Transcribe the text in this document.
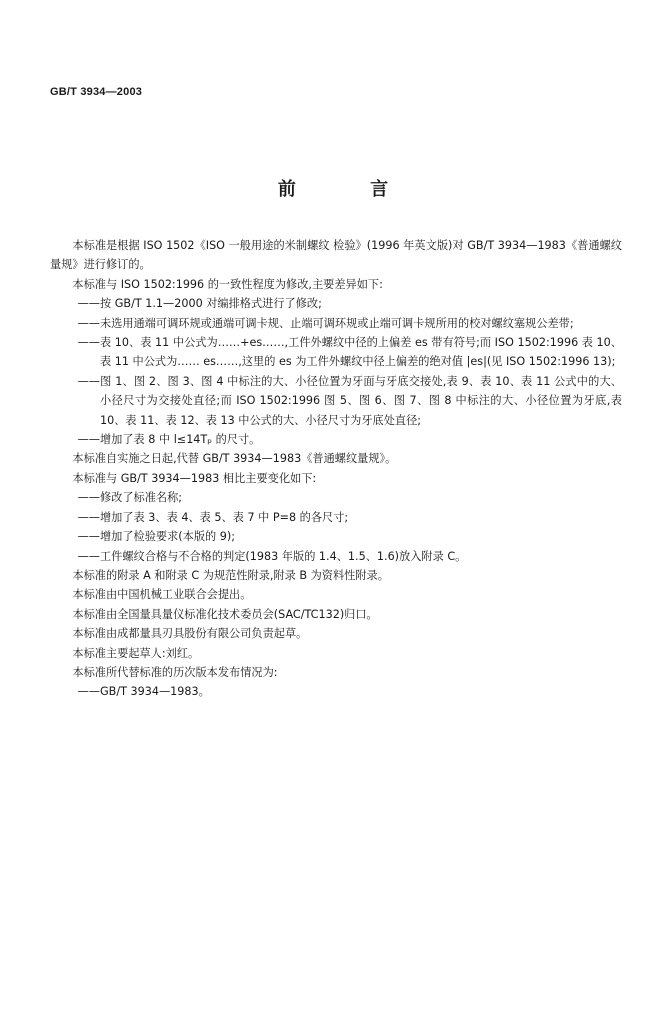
GB/T 3934—2003
前 言

本标准是根据 ISO 1502《ISO 一般用途的米制螺纹 检验》(1996 年英文版)对 GB/T 3934—1983《普通螺纹量规》进行修订的。

本标准与 ISO 1502:1996 的一致性程度为修改,主要差异如下:

——按 GB/T 1.1—2000 对编排格式进行了修改;

——未选用通端可调环规或通端可调卡规、止端可调环规或止端可调卡规所用的校对螺纹塞规公差带;

——表 10、表 11 中公式为……+es……,工件外螺纹中径的上偏差 es 带有符号;而 ISO 1502:1996 表 10、表 11 中公式为…… es……,这里的 es 为工件外螺纹中径上偏差的绝对值 |es|(见 ISO 1502:1996 13);

——图 1、图 2、图 3、图 4 中标注的大、小径位置为牙面与牙底交接处,表 9、表 10、表 11 公式中的大、小径尺寸为交接处直径;而 ISO 1502:1996 图 5、图 6、图 7、图 8 中标注的大、小径位置为牙底,表 10、表 11、表 12、表 13 中公式的大、小径尺寸为牙底处直径;

——增加了表 8 中 l≤14Tₚ 的尺寸。

本标准自实施之日起,代替 GB/T 3934—1983《普通螺纹量规》。

本标准与 GB/T 3934—1983 相比主要变化如下:

——修改了标准名称;

——增加了表 3、表 4、表 5、表 7 中 P=8 的各尺寸;

——增加了检验要求(本版的 9);

——工件螺纹合格与不合格的判定(1983 年版的 1.4、1.5、1.6)放入附录 C。

本标准的附录 A 和附录 C 为规范性附录,附录 B 为资料性附录。

本标准由中国机械工业联合会提出。

本标准由全国量具量仪标准化技术委员会(SAC/TC132)归口。

本标准由成都量具刃具股份有限公司负责起草。

本标准主要起草人:刘红。

本标准所代替标准的历次版本发布情况为:

——GB/T 3934—1983。
